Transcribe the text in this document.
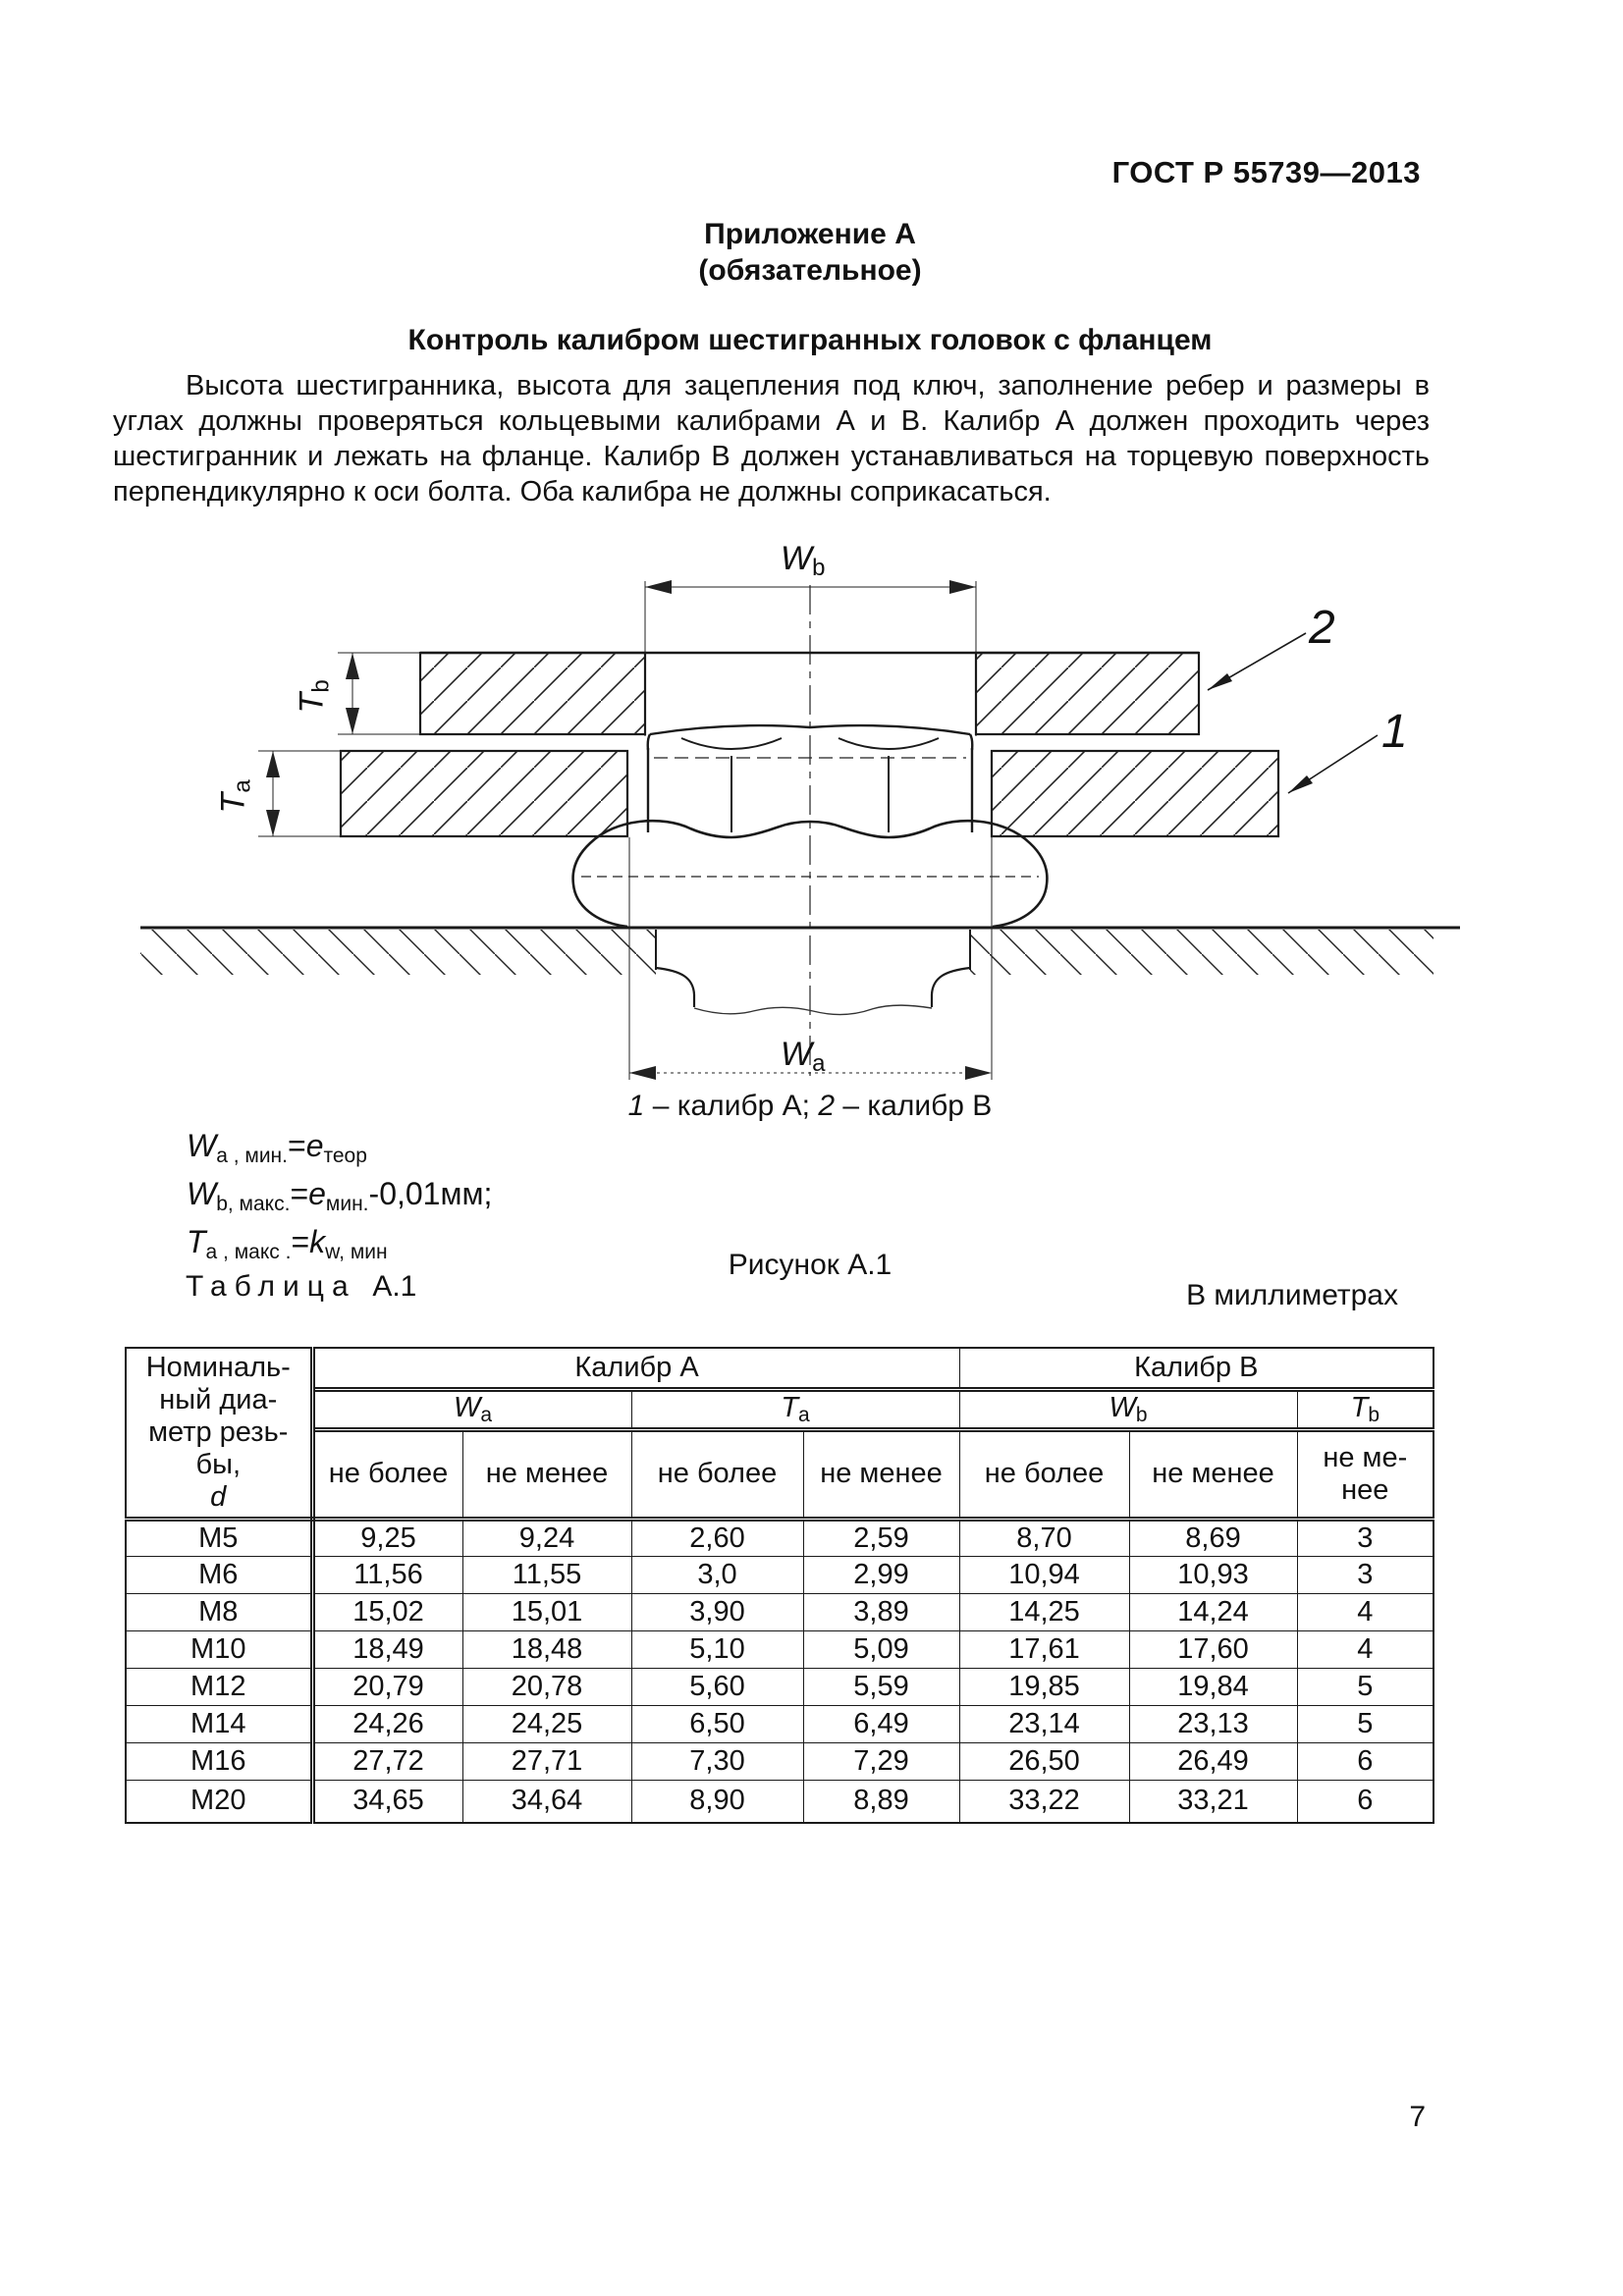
ГОСТ Р 55739—2013
Приложение А
(обязательное)
Контроль калибром шестигранных головок с фланцем
Высота шестигранника, высота для зацепления под ключ, заполнение ребер и размеры в углах должны проверяться кольцевыми калибрами А и В. Калибр А должен проходить через шестигранник и лежать на фланце. Калибр В должен устанавливаться на торцевую поверхность перпендикулярно к оси болта. Оба калибра не должны соприкасаться.
$W_b$
$W_a$
$T_b$
$T_a$
2
1
1 – калибр А; 2 – калибр В
$W_{а , мин.}=e_{теор}$
$W_{b, макс.}=e_{мин.}-0,01мм$;
$T_{а , макс .}=k_{w, мин}$	Рисунок А.1
Таблица А.1	В миллиметрах
Номиналь-
ный диа-
метр резь-
бы,
d	Калибр А				Калибр В		
	$W_a$		$T_a$		$W_b$		$T_b$
	не более	не менее	не более	не менее	не более	не менее	не ме-
нее
М5	9,25	9,24	2,60	2,59	8,70	8,69	3
М6	11,56	11,55	3,0	2,99	10,94	10,93	3
М8	15,02	15,01	3,90	3,89	14,25	14,24	4
М10	18,49	18,48	5,10	5,09	17,61	17,60	4
М12	20,79	20,78	5,60	5,59	19,85	19,84	5
М14	24,26	24,25	6,50	6,49	23,14	23,13	5
М16	27,72	27,71	7,30	7,29	26,50	26,49	6
М20	34,65	34,64	8,90	8,89	33,22	33,21	6
7
